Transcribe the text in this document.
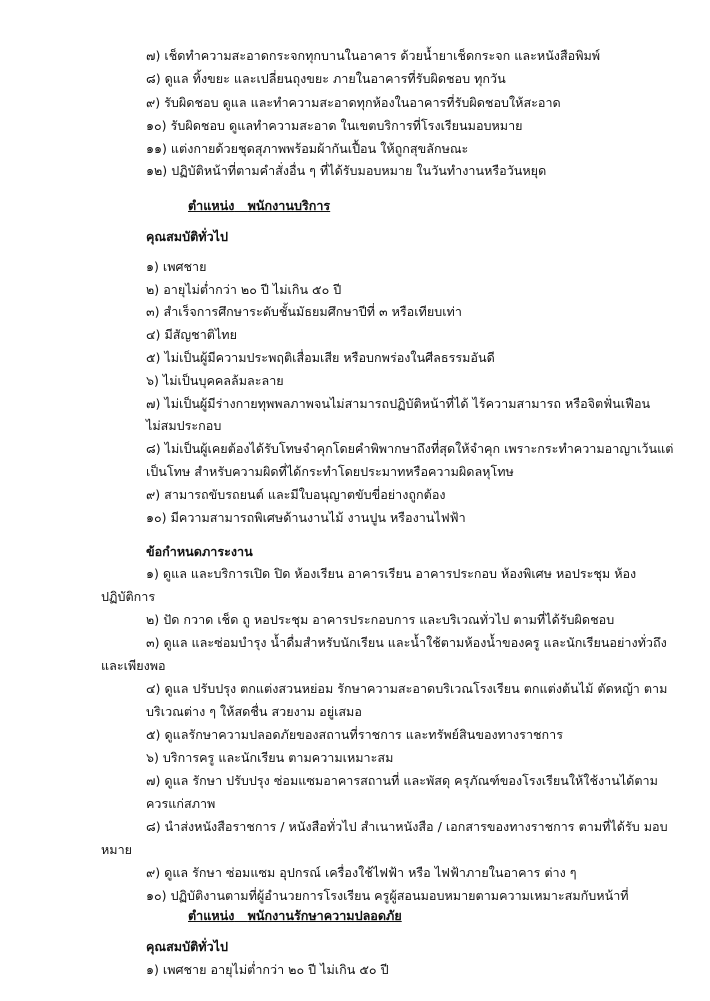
๗) เช็ดทำความสะอาดกระจกทุกบานในอาคาร ด้วยน้ำยาเช็ดกระจก และหนังสือพิมพ์
๘) ดูแล ทิ้งขยะ และเปลี่ยนถุงขยะ ภายในอาคารที่รับผิดชอบ ทุกวัน
๙) รับผิดชอบ ดูแล และทำความสะอาดทุกห้องในอาคารที่รับผิดชอบให้สะอาด
๑๐) รับผิดชอบ ดูแลทำความสะอาด ในเขตบริการที่โรงเรียนมอบหมาย
๑๑) แต่งกายด้วยชุดสุภาพพร้อมผ้ากันเปื้อน ให้ถูกสุขลักษณะ
๑๒) ปฏิบัติหน้าที่ตามคำสั่งอื่น ๆ ที่ได้รับมอบหมาย ในวันทำงานหรือวันหยุด
ตำแหน่ง พนักงานบริการ
คุณสมบัติทั่วไป
๑) เพศชาย
๒) อายุไม่ต่ำกว่า ๒๐ ปี ไม่เกิน ๕๐ ปี
๓) สำเร็จการศึกษาระดับชั้นมัธยมศึกษาปีที่ ๓ หรือเทียบเท่า
๔) มีสัญชาติไทย
๕) ไม่เป็นผู้มีความประพฤติเสื่อมเสีย หรือบกพร่องในศีลธรรมอันดี
๖) ไม่เป็นบุคคลล้มละลาย
๗) ไม่เป็นผู้มีร่างกายทุพพลภาพจนไม่สามารถปฏิบัติหน้าที่ได้ ไร้ความสามารถ หรือจิตฟั่นเฟือน
ไม่สมประกอบ
๘) ไม่เป็นผู้เคยต้องได้รับโทษจำคุกโดยคำพิพากษาถึงที่สุดให้จำคุก เพราะกระทำความอาญาเว้นแต่
เป็นโทษ สำหรับความผิดที่ได้กระทำโดยประมาทหรือความผิดลหุโทษ
๙) สามารถขับรถยนต์ และมีใบอนุญาตขับขี่อย่างถูกต้อง
๑๐) มีความสามารถพิเศษด้านงานไม้ งานปูน หรืองานไฟฟ้า
ข้อกำหนดภาระงาน
๑) ดูแล และบริการเปิด ปิด ห้องเรียน อาคารเรียน อาคารประกอบ ห้องพิเศษ หอประชุม ห้อง
ปฏิบัติการ
๒) ปัด กวาด เช็ด ถู หอประชุม อาคารประกอบการ และบริเวณทั่วไป ตามที่ได้รับผิดชอบ
๓) ดูแล และซ่อมบำรุง น้ำดื่มสำหรับนักเรียน และน้ำใช้ตามห้องน้ำของครู และนักเรียนอย่างทั่วถึง
และเพียงพอ
๔) ดูแล ปรับปรุง ตกแต่งสวนหย่อม รักษาความสะอาดบริเวณโรงเรียน ตกแต่งต้นไม้ ตัดหญ้า ตาม
บริเวณต่าง ๆ ให้สดชื่น สวยงาม อยู่เสมอ
๕) ดูแลรักษาความปลอดภัยของสถานที่ราชการ และทรัพย์สินของทางราชการ
๖) บริการครู และนักเรียน ตามความเหมาะสม
๗) ดูแล รักษา ปรับปรุง ซ่อมแซมอาคารสถานที่ และพัสดุ ครุภัณฑ์ของโรงเรียนให้ใช้งานได้ตาม
ควรแก่สภาพ
๘) นำส่งหนังสือราชการ / หนังสือทั่วไป สำเนาหนังสือ / เอกสารของทางราชการ ตามที่ได้รับ มอบ
หมาย
๙) ดูแล รักษา ซ่อมแซม อุปกรณ์ เครื่องใช้ไฟฟ้า หรือ ไฟฟ้าภายในอาคาร ต่าง ๆ
๑๐) ปฏิบัติงานตามที่ผู้อำนวยการโรงเรียน ครูผู้สอนมอบหมายตามความเหมาะสมกับหน้าที่
ตำแหน่ง พนักงานรักษาความปลอดภัย
คุณสมบัติทั่วไป
๑) เพศชาย อายุไม่ต่ำกว่า ๒๐ ปี ไม่เกิน ๕๐ ปี
